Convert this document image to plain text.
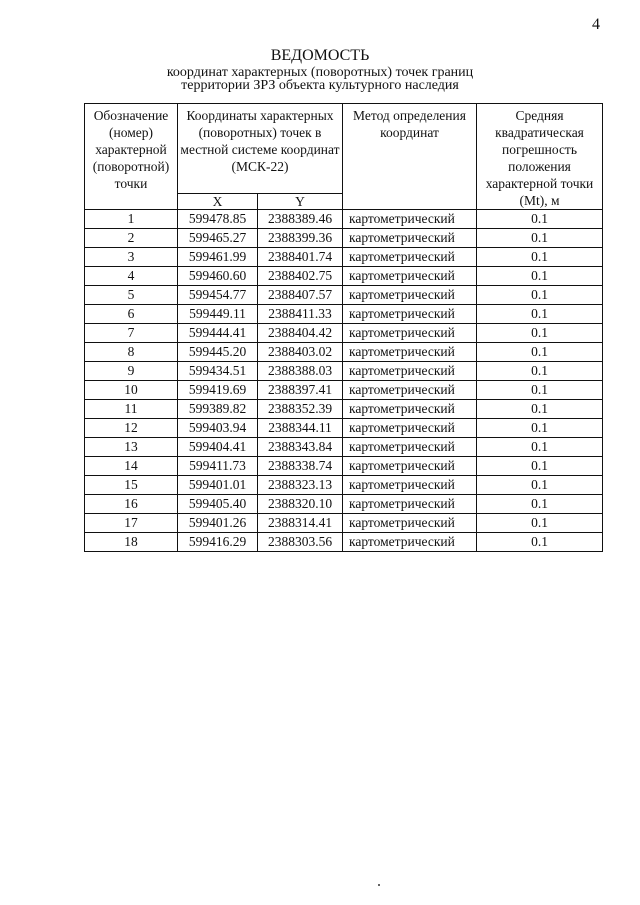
4
ВЕДОМОСТЬ
координат характерных (поворотных) точек границ
территории ЗРЗ объекта культурного наследия
Обозначение (номер) характерной (поворотной) точки	Координаты характерных (поворотных) точек в местной системе координат (МСК-22)		Метод определения координат	Средняя квадратическая погрешность положения характерной точки (Mt), м
	X	Y		
1	599478.85	2388389.46	картометрический	0.1
2	599465.27	2388399.36	картометрический	0.1
3	599461.99	2388401.74	картометрический	0.1
4	599460.60	2388402.75	картометрический	0.1
5	599454.77	2388407.57	картометрический	0.1
6	599449.11	2388411.33	картометрический	0.1
7	599444.41	2388404.42	картометрический	0.1
8	599445.20	2388403.02	картометрический	0.1
9	599434.51	2388388.03	картометрический	0.1
10	599419.69	2388397.41	картометрический	0.1
11	599389.82	2388352.39	картометрический	0.1
12	599403.94	2388344.11	картометрический	0.1
13	599404.41	2388343.84	картометрический	0.1
14	599411.73	2388338.74	картометрический	0.1
15	599401.01	2388323.13	картометрический	0.1
16	599405.40	2388320.10	картометрический	0.1
17	599401.26	2388314.41	картометрический	0.1
18	599416.29	2388303.56	картометрический	0.1
